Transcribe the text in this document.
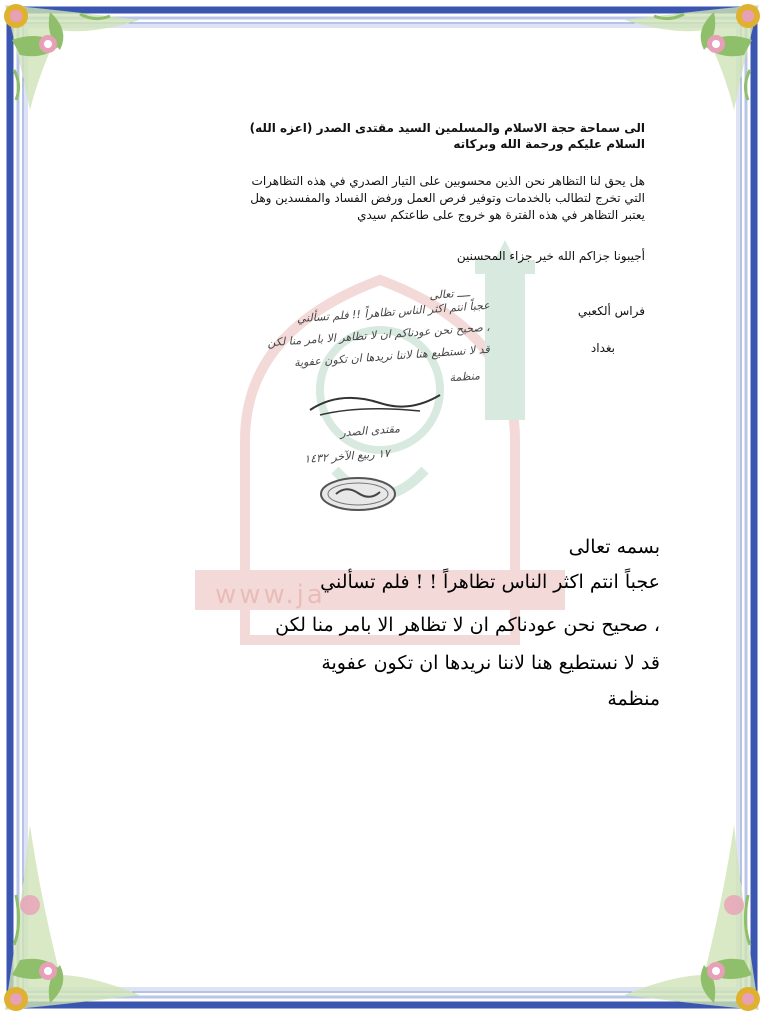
www.ja
الى سماحة حجة الاسلام والمسلمين السيد مقتدى الصدر (اعزه الله)
السلام عليكم ورحمة الله وبركاته
هل يحق لنا التظاهر نحن الذين محسوبين على التيار الصدري في هذه التظاهرات
التي تخرج لتطالب بالخدمات وتوفير فرص العمل ورفض الفساد والمفسدين وهل
يعتبر التظاهر في هذه الفترة هو خروج على طاعتكم سيدي
أجيبونا جزاكم الله خير جزاء المحسنين
فراس ألكعبي
بغداد
ــــ تعالى
عجباً انتم اكثر الناس تظاهراً !! فلم تسألني
، صحيح نحن عودناكم ان لا تظاهر الا بامر منا لكن
قد لا نستطيع هنا لاننا نريدها ان تكون عفوية
منظمة
مقتدى الصدر
١٧ ربيع الآخر ١٤٣٢
بسمه تعالى
عجباً انتم اكثر الناس تظاهراً ! ! فلم تسألني
، صحيح نحن عودناكم ان لا تظاهر الا بامر منا لكن
قد لا نستطيع هنا لاننا نريدها ان تكون عفوية
منظمة
